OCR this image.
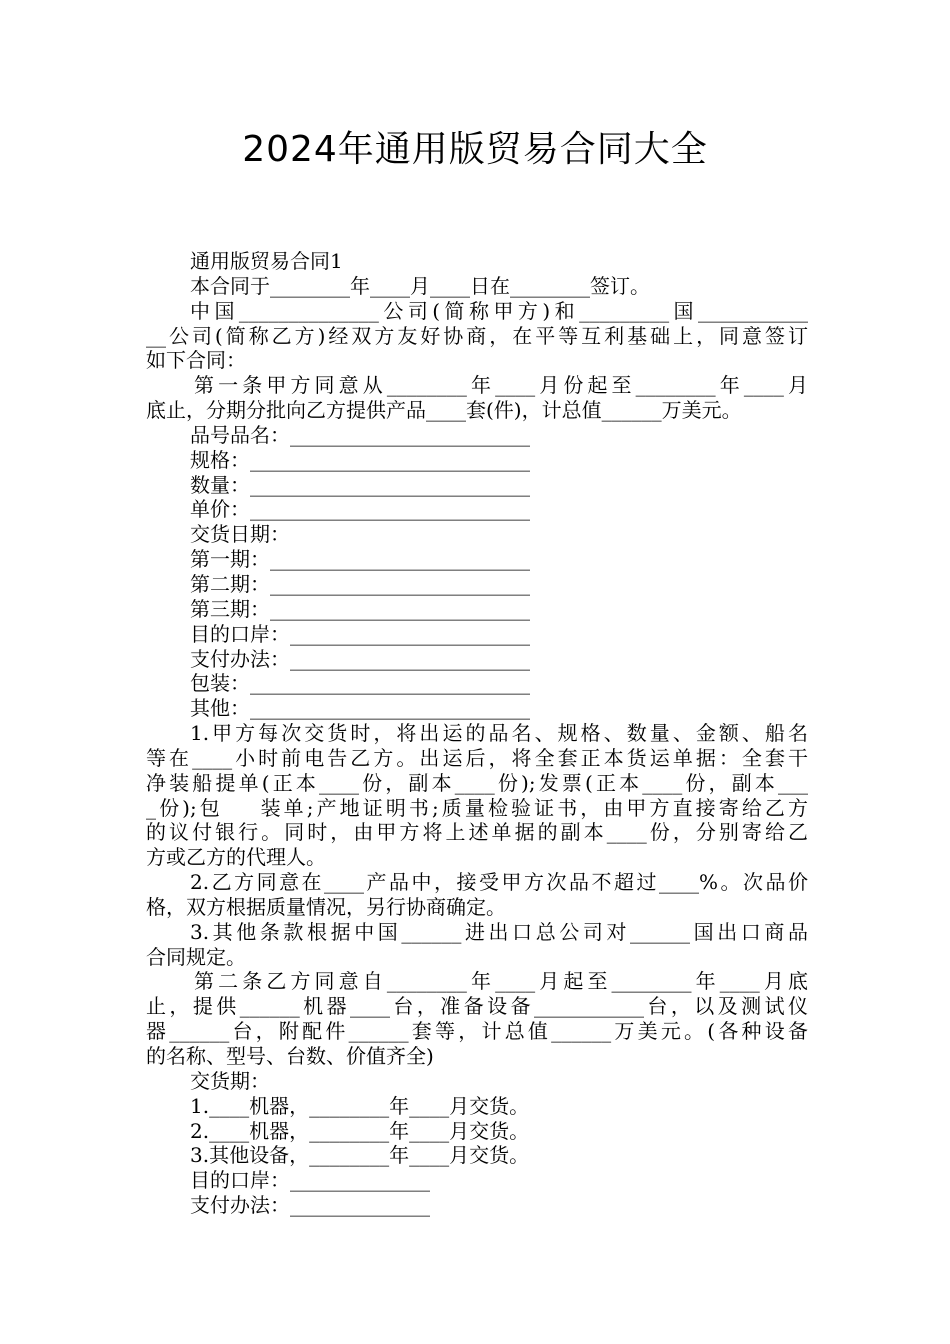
2024年通用版贸易合同大全
通用版贸易合同1
本合同于________年____月____日在________签订。
中国______________公司(简称甲方)和_________国___________
__公司(简称乙方)经双方友好协商，在平等互利基础上，同意签订
如下合同：
第一条甲方同意从________年____月份起至________年____月
底止，分期分批向乙方提供产品____套(件)，计总值______万美元。
品号品名：________________________
规格：____________________________
数量：____________________________
单价：____________________________
交货日期：
第一期：__________________________
第二期：__________________________
第三期：__________________________
目的口岸：________________________
支付办法：________________________
包装：____________________________
其他：____________________________
1.甲方每次交货时，将出运的品名、规格、数量、金额、船名
等在____小时前电告乙方。出运后，将全套正本货运单据：全套干
净装船提单(正本____份，副本____份);发票(正本____份，副本___
_份);包    装单;产地证明书;质量检验证书，由甲方直接寄给乙方
的议付银行。同时，由甲方将上述单据的副本____份，分别寄给乙
方或乙方的代理人。
2.乙方同意在____产品中，接受甲方次品不超过____%。次品价
格，双方根据质量情况，另行协商确定。
3.其他条款根据中国______进出口总公司对______国出口商品
合同规定。
第二条乙方同意自________年____月起至________年____月底
止，提供______机器____台，准备设备___________台，以及测试仪
器______台，附配件______套等，计总值______万美元。(各种设备
的名称、型号、台数、价值齐全)
交货期：
1.____机器，________年____月交货。
2.____机器，________年____月交货。
3.其他设备，________年____月交货。
目的口岸：______________
支付办法：______________
